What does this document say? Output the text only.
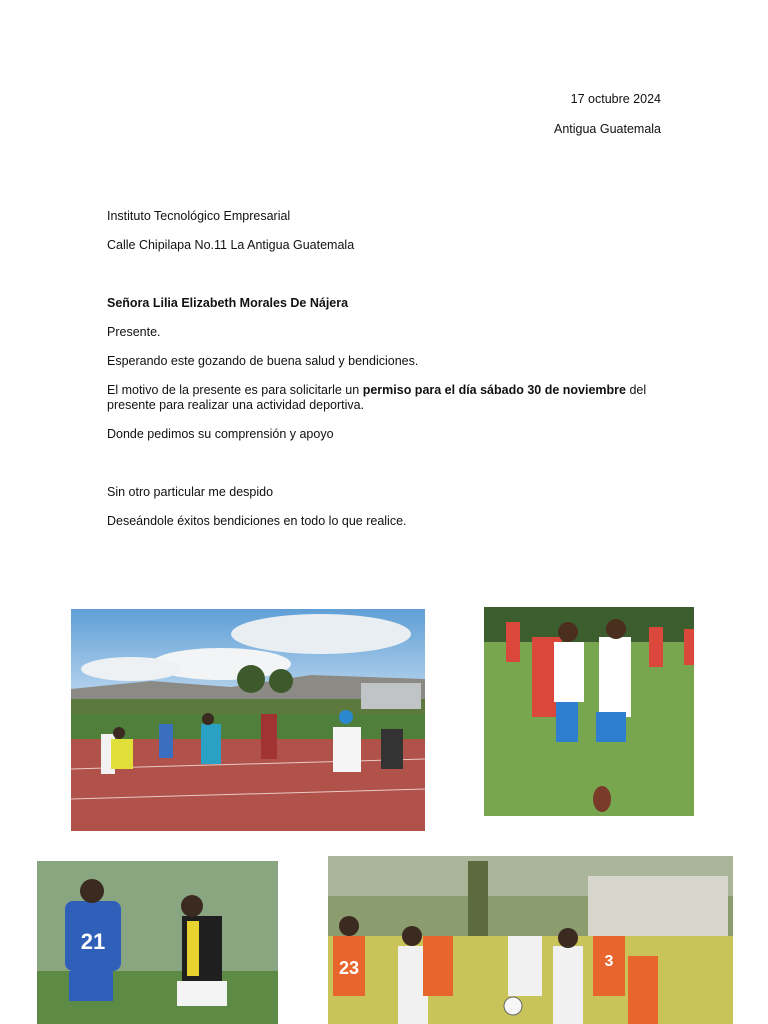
17 octubre 2024
Antigua Guatemala

Instituto Tecnológico Empresarial

Calle Chipilapa No.11 La Antigua Guatemala

Señora Lilia Elizabeth Morales De Nájera

Presente.

Esperando este gozando de buena salud y bendiciones.

El motivo de la presente es para solicitarle un permiso para el día sábado 30 de noviembre del presente para realizar una actividad deportiva.

Donde pedimos su comprensión y apoyo

Sin otro particular me despido

Deseándole éxitos bendiciones en todo lo que realice.

21
23	3
